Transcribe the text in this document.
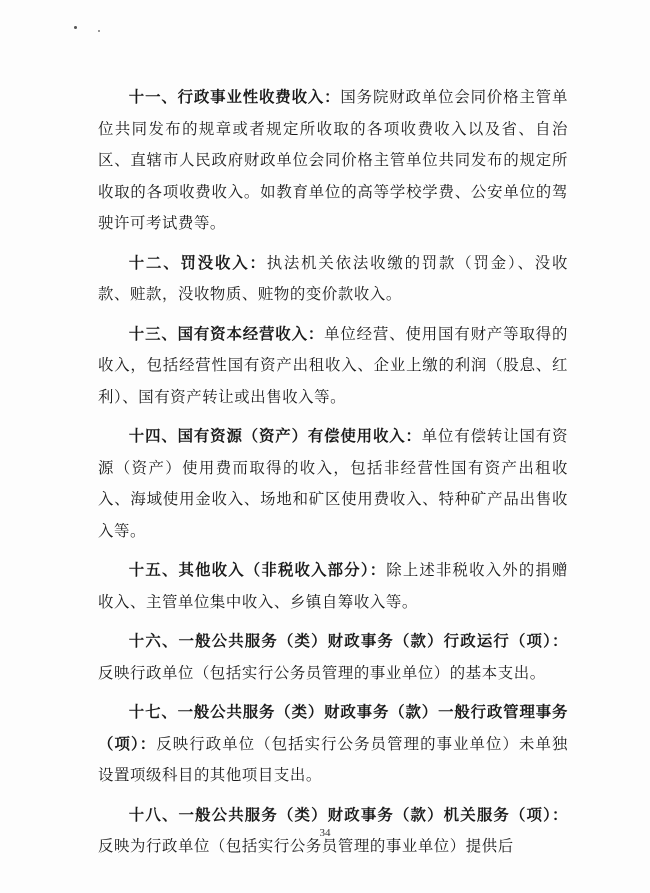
十一、行政事业性收费收入：国务院财政单位会同价格主管单位共同发布的规章或者规定所收取的各项收费收入以及省、自治区、直辖市人民政府财政单位会同价格主管单位共同发布的规定所收取的各项收费收入。如教育单位的高等学校学费、公安单位的驾驶许可考试费等。

十二、罚没收入：执法机关依法收缴的罚款（罚金）、没收款、赃款，没收物质、赃物的变价款收入。

十三、国有资本经营收入：单位经营、使用国有财产等取得的收入，包括经营性国有资产出租收入、企业上缴的利润（股息、红利）、国有资产转让或出售收入等。

十四、国有资源（资产）有偿使用收入：单位有偿转让国有资源（资产）使用费而取得的收入，包括非经营性国有资产出租收入、海域使用金收入、场地和矿区使用费收入、特种矿产品出售收入等。

十五、其他收入（非税收入部分）：除上述非税收入外的捐赠收入、主管单位集中收入、乡镇自筹收入等。

十六、一般公共服务（类）财政事务（款）行政运行（项）：反映行政单位（包括实行公务员管理的事业单位）的基本支出。

十七、一般公共服务（类）财政事务（款）一般行政管理事务（项）：反映行政单位（包括实行公务员管理的事业单位）未单独设置项级科目的其他项目支出。

十八、一般公共服务（类）财政事务（款）机关服务（项）：反映为行政单位（包括实行公务员管理的事业单位）提供后

34
